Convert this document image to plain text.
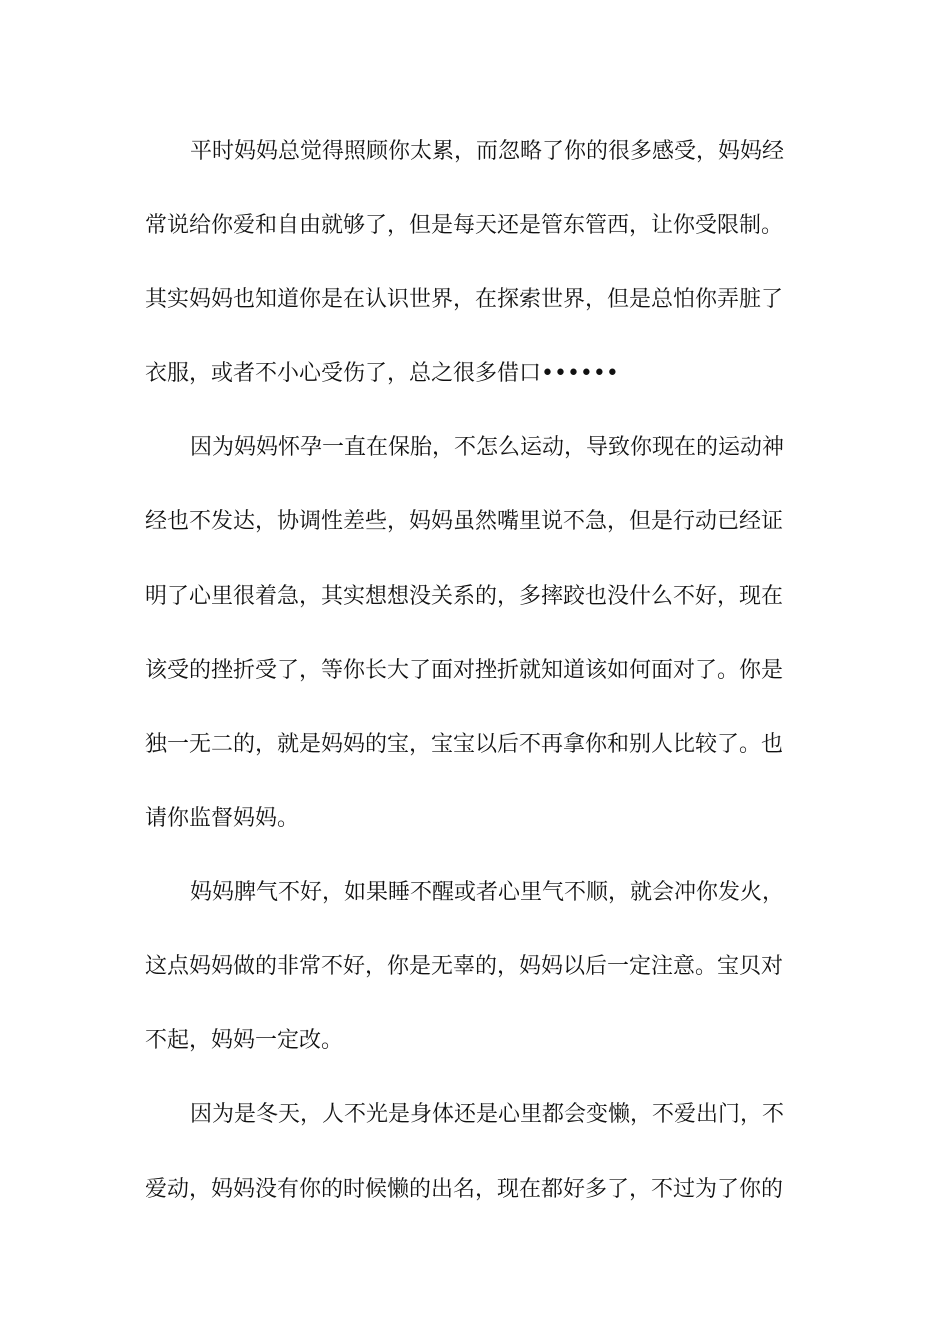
平时妈妈总觉得照顾你太累，而忽略了你的很多感受，妈妈经

常说给你爱和自由就够了，但是每天还是管东管西，让你受限制。

其实妈妈也知道你是在认识世界，在探索世界，但是总怕你弄脏了

衣服，或者不小心受伤了，总之很多借口••••••

因为妈妈怀孕一直在保胎，不怎么运动，导致你现在的运动神

经也不发达，协调性差些，妈妈虽然嘴里说不急，但是行动已经证

明了心里很着急，其实想想没关系的，多摔跤也没什么不好，现在

该受的挫折受了，等你长大了面对挫折就知道该如何面对了。你是

独一无二的，就是妈妈的宝，宝宝以后不再拿你和别人比较了。也

请你监督妈妈。

妈妈脾气不好，如果睡不醒或者心里气不顺，就会冲你发火，

这点妈妈做的非常不好，你是无辜的，妈妈以后一定注意。宝贝对

不起，妈妈一定改。

因为是冬天，人不光是身体还是心里都会变懒，不爱出门，不

爱动，妈妈没有你的时候懒的出名，现在都好多了，不过为了你的
